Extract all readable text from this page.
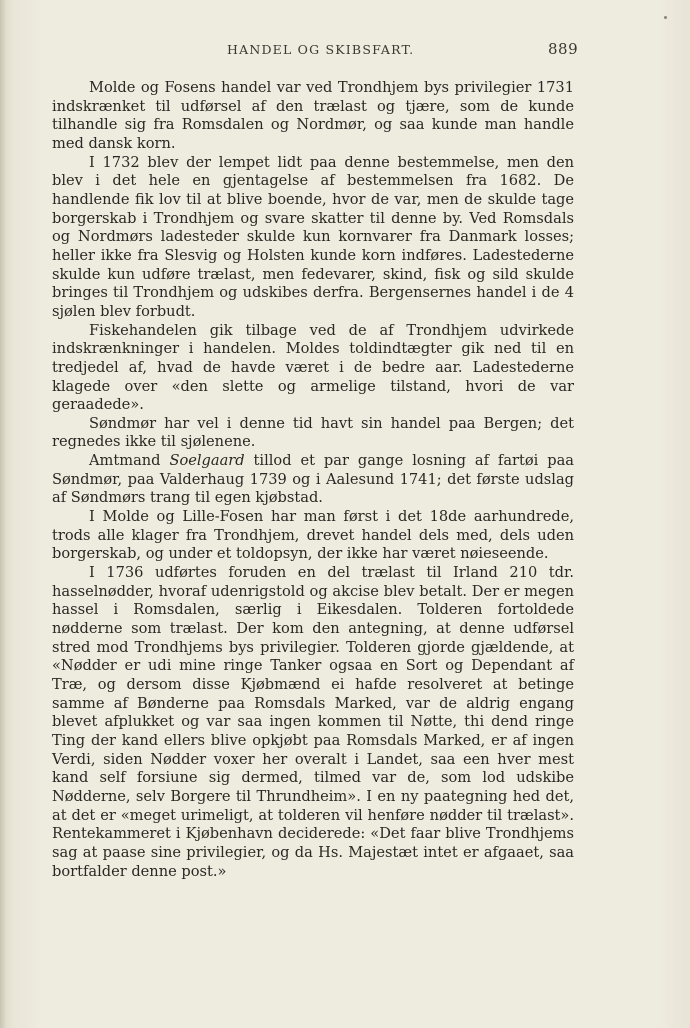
HANDEL OG SKIBSFART.	889

Molde og Fosens handel var ved Trondhjem bys privilegier 1731 indskrænket til udførsel af den trælast og tjære, som de kunde tilhandle sig fra Romsdalen og Nordmør, og saa kunde man handle med dansk korn.

I 1732 blev der lempet lidt paa denne bestemmelse, men den blev i det hele en gjentagelse af bestemmelsen fra 1682. De handlende fik lov til at blive boende, hvor de var, men de skulde tage borgerskab i Trondhjem og svare skatter til denne by. Ved Romsdals og Nordmørs ladesteder skulde kun kornvarer fra Danmark losses; heller ikke fra Slesvig og Holsten kunde korn indføres. Ladestederne skulde kun udføre trælast, men fedevarer, skind, fisk og sild skulde bringes til Trondhjem og udskibes derfra. Bergensernes handel i de 4 sjølen blev forbudt.

Fiskehandelen gik tilbage ved de af Trondhjem udvirkede indskrænkninger i handelen. Moldes toldindtægter gik ned til en tredjedel af, hvad de havde været i de bedre aar. Ladestederne klagede over «den slette og armelige tilstand, hvori de var geraadede».

Søndmør har vel i denne tid havt sin handel paa Bergen; det regnedes ikke til sjølenene.

Amtmand Soelgaard tillod et par gange losning af fartøi paa Søndmør, paa Valderhaug 1739 og i Aalesund 1741; det første udslag af Søndmørs trang til egen kjøbstad.

I Molde og Lille-Fosen har man først i det 18de aarhundrede, trods alle klager fra Trondhjem, drevet handel dels med, dels uden borgerskab, og under et toldopsyn, der ikke har været nøieseende.

I 1736 udførtes foruden en del trælast til Irland 210 tdr. hasselnødder, hvoraf udenrigstold og akcise blev betalt. Der er megen hassel i Romsdalen, særlig i Eikesdalen. Tolderen fortoldede nødderne som trælast. Der kom den antegning, at denne udførsel stred mod Trondhjems bys privilegier. Tolderen gjorde gjældende, at «Nødder er udi mine ringe Tanker ogsaa en Sort og Dependant af Træ, og dersom disse Kjøbmænd ei hafde resolveret at betinge samme af Bønderne paa Romsdals Marked, var de aldrig engang blevet afplukket og var saa ingen kommen til Nøtte, thi dend ringe Ting der kand ellers blive opkjøbt paa Romsdals Marked, er af ingen Verdi, siden Nødder voxer her overalt i Landet, saa een hver mest kand self forsiune sig dermed, tilmed var de, som lod udskibe Nødderne, selv Borgere til Thrundheim». I en ny paategning hed det, at det er «meget urimeligt, at tolderen vil henføre nødder til trælast». Rentekammeret i Kjøbenhavn deciderede: «Det faar blive Trondhjems sag at paase sine privilegier, og da Hs. Majestæt intet er afgaaet, saa bortfalder denne post.»
